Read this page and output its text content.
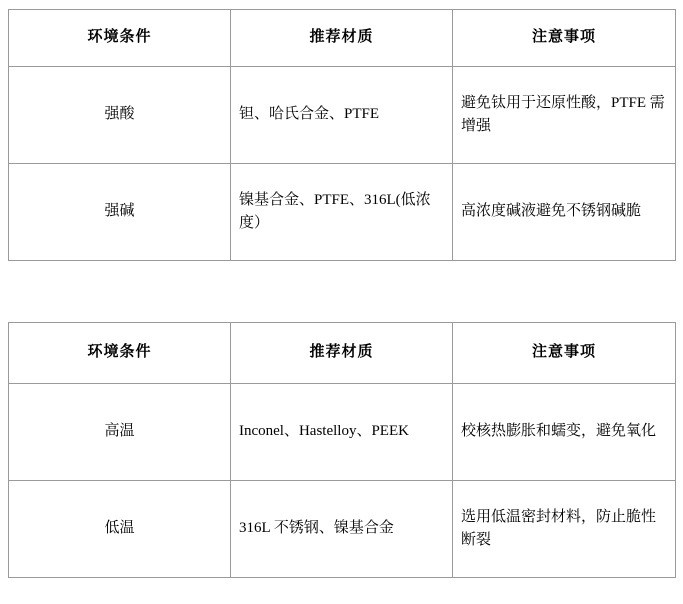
环境条件	推荐材质	注意事项
强酸	钽、哈氏合金、PTFE	避免钛用于还原性酸，PTFE 需增强
强碱	镍基合金、PTFE、316L(低浓度）	高浓度碱液避免不锈钢碱脆
环境条件	推荐材质	注意事项
高温	Inconel、Hastelloy、PEEK	校核热膨胀和蠕变，避免氧化
低温	316L 不锈钢、镍基合金	选用低温密封材料，防止脆性断裂
